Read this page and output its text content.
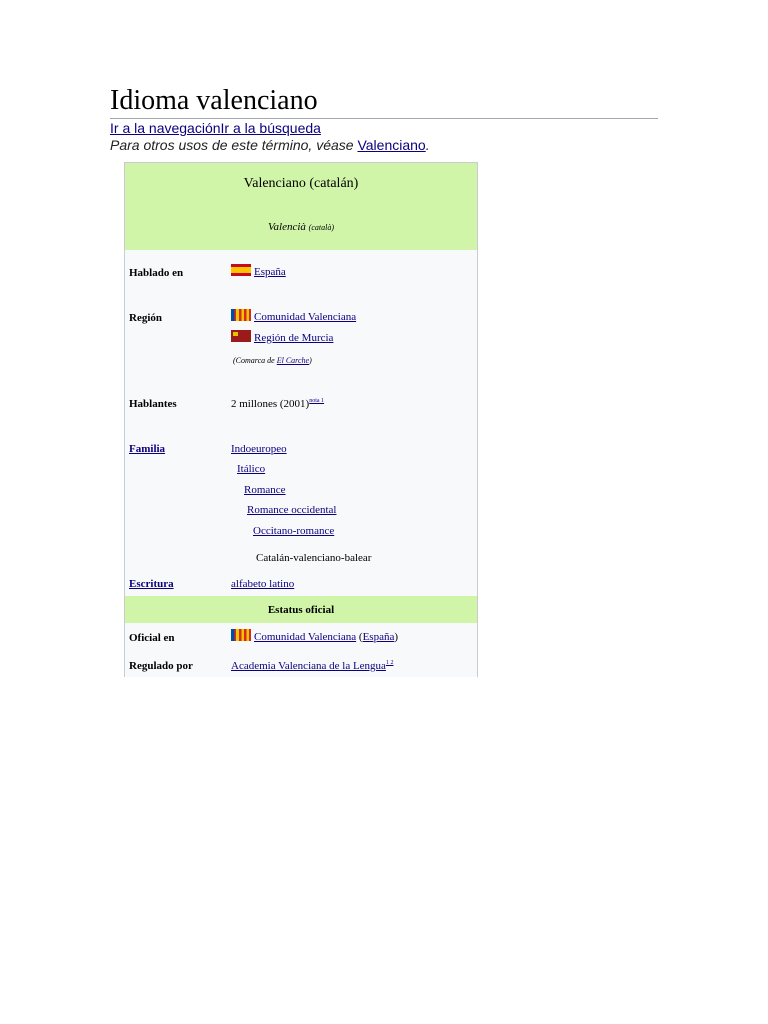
Idioma valenciano
Ir a la navegaciónIr a la búsqueda
Para otros usos de este término, véase Valenciano.
Valenciano (catalán)
Valencià (català)
Hablado en	España
Región	Comunidad Valenciana
Región de Murcia
(Comarca de El Carche)
Hablantes	2 millones (2001)$^{nota 1}$
Familia	Indoeuropeo
Itálico
Romance
Romance occidental
Occitano-romance
Catalán-valenciano-balear
Escritura	alfabeto latino
Estatus oficial
Oficial en	Comunidad Valenciana (España)
Regulado por	Academia Valenciana de la Lengua$^{1 2}$
